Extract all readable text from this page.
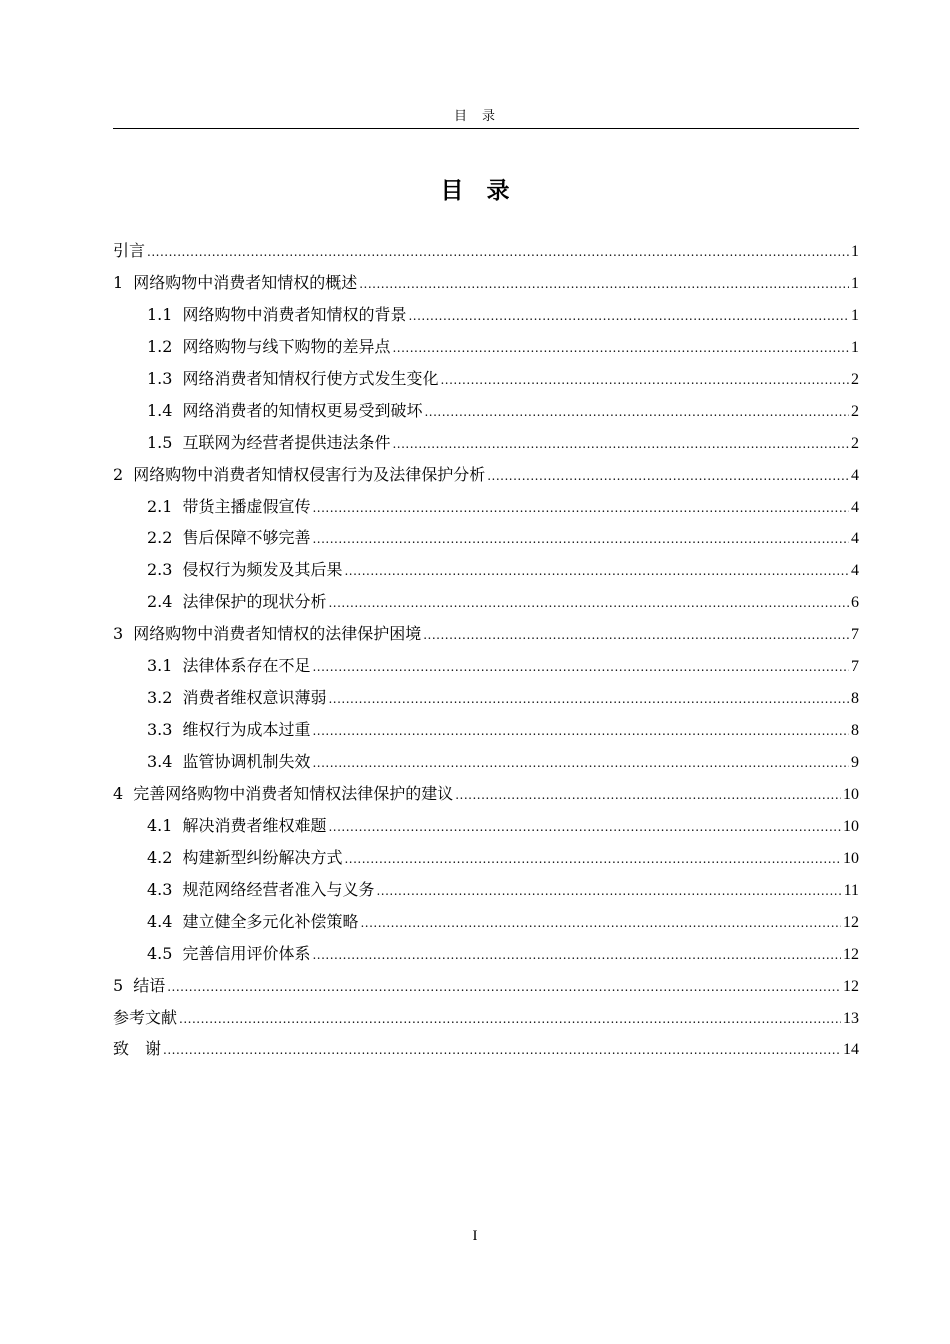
目　录
目　录
引言 .....	1
1 网络购物中消费者知情权的概述 .....	1
1.1 网络购物中消费者知情权的背景 .....	1
1.2 网络购物与线下购物的差异点 .....	1
1.3 网络消费者知情权行使方式发生变化 .....	2
1.4 网络消费者的知情权更易受到破坏 .....	2
1.5 互联网为经营者提供违法条件 .....	2
2 网络购物中消费者知情权侵害行为及法律保护分析 .....	4
2.1 带货主播虚假宣传 .....	4
2.2 售后保障不够完善 .....	4
2.3 侵权行为频发及其后果 .....	4
2.4 法律保护的现状分析 .....	6
3 网络购物中消费者知情权的法律保护困境 .....	7
3.1 法律体系存在不足 .....	7
3.2 消费者维权意识薄弱 .....	8
3.3 维权行为成本过重 .....	8
3.4 监管协调机制失效 .....	9
4 完善网络购物中消费者知情权法律保护的建议 .....	10
4.1 解决消费者维权难题 .....	10
4.2 构建新型纠纷解决方式 .....	10
4.3 规范网络经营者准入与义务 .....	11
4.4 建立健全多元化补偿策略 .....	12
4.5 完善信用评价体系 .....	12
5 结语 .....	12
参考文献 .....	13
致　谢 .....	14
I
